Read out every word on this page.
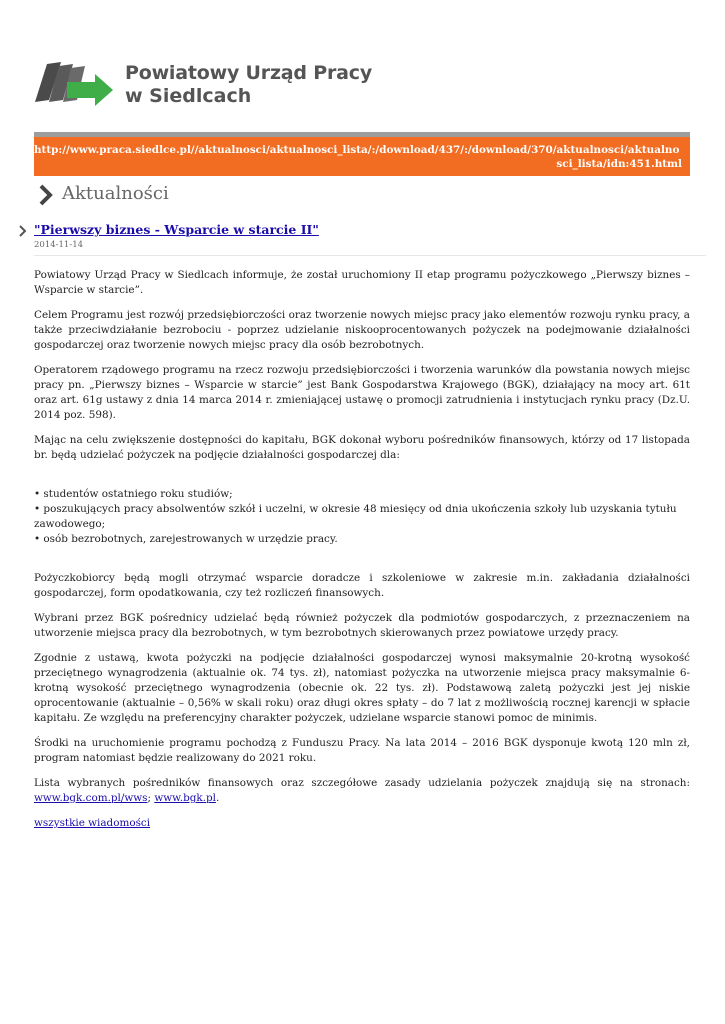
Powiatowy Urząd Pracy
w Siedlcach
http://www.praca.siedlce.pl//aktualnosci/aktualnosci_lista/:/download/437/:/download/370/aktualnosci/aktualnosci_lista/idn:451.html
Aktualności
"Pierwszy biznes - Wsparcie w starcie II"
2014-11-14

Powiatowy Urząd Pracy w Siedlcach informuje, że został uruchomiony II etap programu pożyczkowego „Pierwszy biznes – Wsparcie w starcie”.

Celem Programu jest rozwój przedsiębiorczości oraz tworzenie nowych miejsc pracy jako elementów rozwoju rynku pracy, a także przeciwdziałanie bezrobociu - poprzez udzielanie niskooprocentowanych pożyczek na podejmowanie działalności gospodarczej oraz tworzenie nowych miejsc pracy dla osób bezrobotnych.

Operatorem rządowego programu na rzecz rozwoju przedsiębiorczości i tworzenia warunków dla powstania nowych miejsc pracy pn. „Pierwszy biznes – Wsparcie w starcie” jest Bank Gospodarstwa Krajowego (BGK), działający na mocy art. 61t oraz art. 61g ustawy z dnia 14 marca 2014 r. zmieniającej ustawę o promocji zatrudnienia i instytucjach rynku pracy (Dz.U. 2014 poz. 598).

Mając na celu zwiększenie dostępności do kapitału, BGK dokonał wyboru pośredników finansowych, którzy od 17 listopada br. będą udzielać pożyczek na podjęcie działalności gospodarczej dla:

• studentów ostatniego roku studiów;
• poszukujących pracy absolwentów szkół i uczelni, w okresie 48 miesięcy od dnia ukończenia szkoły lub uzyskania tytułu zawodowego;
• osób bezrobotnych, zarejestrowanych w urzędzie pracy.

Pożyczkobiorcy będą mogli otrzymać wsparcie doradcze i szkoleniowe w zakresie m.in. zakładania działalności gospodarczej, form opodatkowania, czy też rozliczeń finansowych.

Wybrani przez BGK pośrednicy udzielać będą również pożyczek dla podmiotów gospodarczych, z przeznaczeniem na utworzenie miejsca pracy dla bezrobotnych, w tym bezrobotnych skierowanych przez powiatowe urzędy pracy.

Zgodnie z ustawą, kwota pożyczki na podjęcie działalności gospodarczej wynosi maksymalnie 20-krotną wysokość przeciętnego wynagrodzenia (aktualnie ok. 74 tys. zł), natomiast pożyczka na utworzenie miejsca pracy maksymalnie 6-krotną wysokość przeciętnego wynagrodzenia (obecnie ok. 22 tys. zł). Podstawową zaletą pożyczki jest jej niskie oprocentowanie (aktualnie – 0,56% w skali roku) oraz długi okres spłaty – do 7 lat z możliwością rocznej karencji w spłacie kapitału. Ze względu na preferencyjny charakter pożyczek, udzielane wsparcie stanowi pomoc de minimis.

Środki na uruchomienie programu pochodzą z Funduszu Pracy. Na lata 2014 – 2016 BGK dysponuje kwotą 120 mln zł, program natomiast będzie realizowany do 2021 roku.

Lista wybranych pośredników finansowych oraz szczegółowe zasady udzielania pożyczek znajdują się na stronach: www.bgk.com.pl/wws; www.bgk.pl.

wszystkie wiadomości
